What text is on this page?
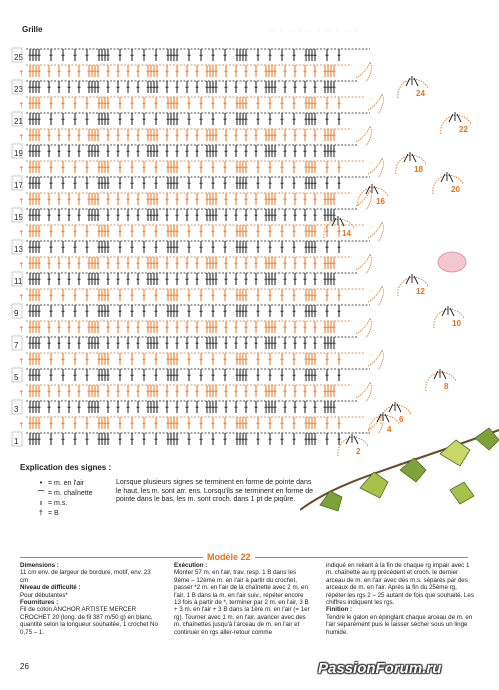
· · · · · · · · · ·
Grille
1
3
5
7
9
11
13
15
17
19
21
23
25
†
†
†
†
†
†
†
†
†
†
†
†
2
4
6
8
10
12
14
16
18
20
22
24
Explication des signes :
• = m. en l'air
⌒ = m. chaînette
ı = m.s.
† = B
Lorsque plusieurs signes se terminent en forme de pointe dans le haut, les m. sont arr. ens. Lorsqu'ils se terminent en forme de pointe dans le bas, les m. sont croch. dans 1 pt de piqûre.
Modèle 22

Dimensions :

11 cm env. de largeur de bordure, motif, env. 23 cm

Niveau de difficulté :

Pour débutantes*

Fournitures :

Fil de coton ANCHOR ARTISTE MERCER CROCHET 20 (long. de fil 387 m/50 g) en blanc, quantité selon la longueur souhaitée, 1 crochet No 0,75 – 1.

Exécution :

Monter 57 m. en l'air, trav. resp. 1 B dans les 9ème – 12ème m. en l'air à partir du crochet, passer *2 m. en l'air de la chaînette avec 2 m. en l'air, 1 B dans la m. en l'air suiv., répéter encore 13 fois à partir de *, terminer par 2 m. en l'air, 3 B + 3 m. en l'air + 3 B dans la 1ère m. en l'air (= 1er rg). Tourner avec 1 m. en l'air, avancer avec des m. chaînettes jusqu'à l'arceau de m. en l'air et continuer en rgs aller-retour comme

indiqué en reliant à la fin de chaque rg impair avec 1 m. chaînette au rg précédent et croch. le dernier arceau de m. en l'air avec des m.s. séparés par des arceaux de m. en l'air. Après la fin du 25ème rg, répéter les rgs 2 – 25 autant de fois que souhaité. Les chiffres indiquent les rgs.

Finition :

Tendre le galon en épinglant chaque arceau de m. en l'air séparément puis le laisser sécher sous un linge humide.

26	PassionForum.ru
